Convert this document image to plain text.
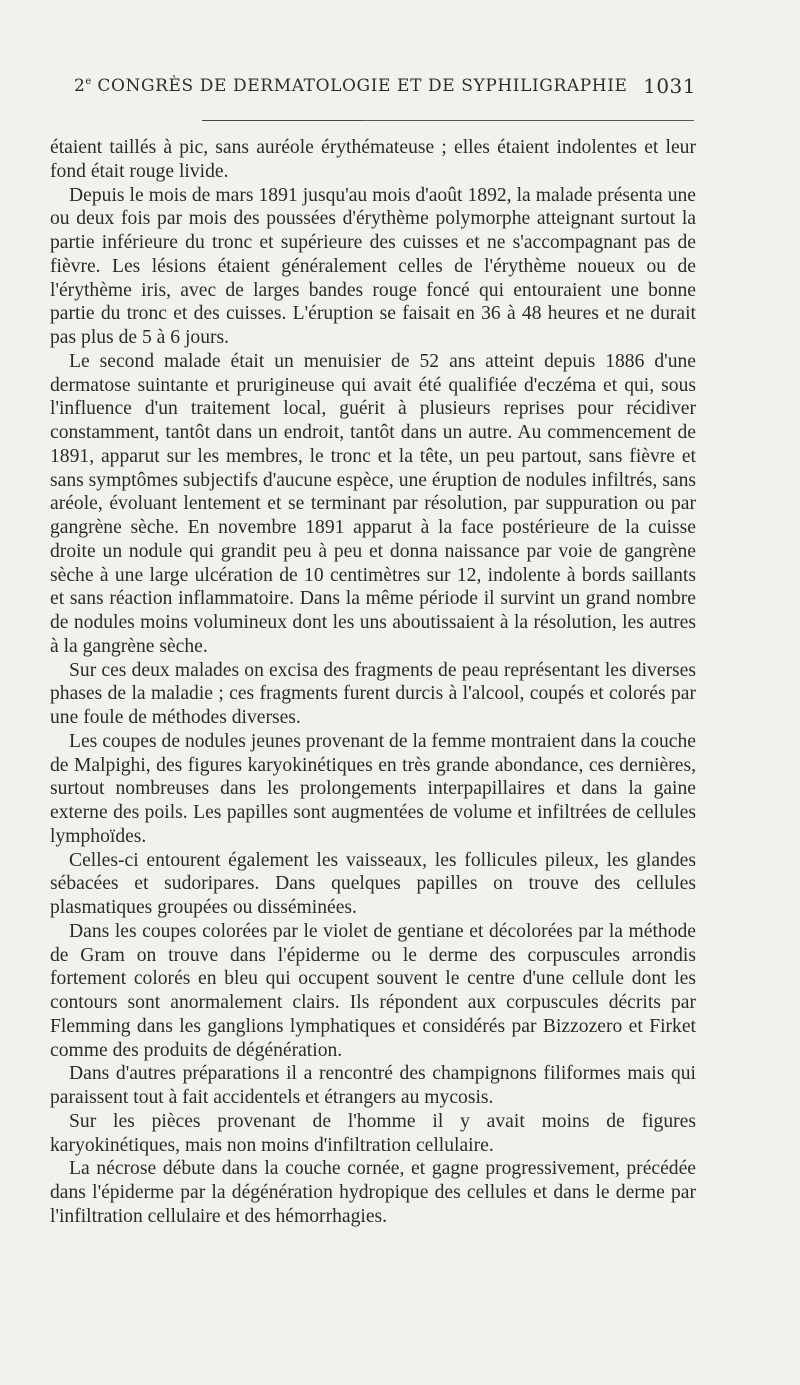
2e CONGRÈS DE DERMATOLOGIE ET DE SYPHILIGRAPHIE 1031

étaient taillés à pic, sans auréole érythémateuse ; elles étaient indolentes et leur fond était rouge livide.

Depuis le mois de mars 1891 jusqu'au mois d'août 1892, la malade présenta une ou deux fois par mois des poussées d'érythème polymorphe atteignant surtout la partie inférieure du tronc et supérieure des cuisses et ne s'accompagnant pas de fièvre. Les lésions étaient généralement celles de l'érythème noueux ou de l'érythème iris, avec de larges bandes rouge foncé qui entouraient une bonne partie du tronc et des cuisses. L'éruption se faisait en 36 à 48 heures et ne durait pas plus de 5 à 6 jours.

Le second malade était un menuisier de 52 ans atteint depuis 1886 d'une dermatose suintante et prurigineuse qui avait été qualifiée d'eczéma et qui, sous l'influence d'un traitement local, guérit à plusieurs reprises pour récidiver constamment, tantôt dans un endroit, tantôt dans un autre. Au commencement de 1891, apparut sur les membres, le tronc et la tête, un peu partout, sans fièvre et sans symptômes subjectifs d'aucune espèce, une éruption de nodules infiltrés, sans aréole, évoluant lentement et se terminant par résolution, par suppuration ou par gangrène sèche. En novembre 1891 apparut à la face postérieure de la cuisse droite un nodule qui grandit peu à peu et donna naissance par voie de gangrène sèche à une large ulcération de 10 centimètres sur 12, indolente à bords saillants et sans réaction inflammatoire. Dans la même période il survint un grand nombre de nodules moins volumineux dont les uns aboutissaient à la résolution, les autres à la gangrène sèche.

Sur ces deux malades on excisa des fragments de peau représentant les diverses phases de la maladie ; ces fragments furent durcis à l'alcool, coupés et colorés par une foule de méthodes diverses.

Les coupes de nodules jeunes provenant de la femme montraient dans la couche de Malpighi, des figures karyokinétiques en très grande abondance, ces dernières, surtout nombreuses dans les prolongements interpapillaires et dans la gaine externe des poils. Les papilles sont augmentées de volume et infiltrées de cellules lymphoïdes.

Celles-ci entourent également les vaisseaux, les follicules pileux, les glandes sébacées et sudoripares. Dans quelques papilles on trouve des cellules plasmatiques groupées ou disséminées.

Dans les coupes colorées par le violet de gentiane et décolorées par la méthode de Gram on trouve dans l'épiderme ou le derme des corpuscules arrondis fortement colorés en bleu qui occupent souvent le centre d'une cellule dont les contours sont anormalement clairs. Ils répondent aux corpuscules décrits par Flemming dans les ganglions lymphatiques et considérés par Bizzozero et Firket comme des produits de dégénération.

Dans d'autres préparations il a rencontré des champignons filiformes mais qui paraissent tout à fait accidentels et étrangers au mycosis.

Sur les pièces provenant de l'homme il y avait moins de figures karyokinétiques, mais non moins d'infiltration cellulaire.

La nécrose débute dans la couche cornée, et gagne progressivement, précédée dans l'épiderme par la dégénération hydropique des cellules et dans le derme par l'infiltration cellulaire et des hémorrhagies.
